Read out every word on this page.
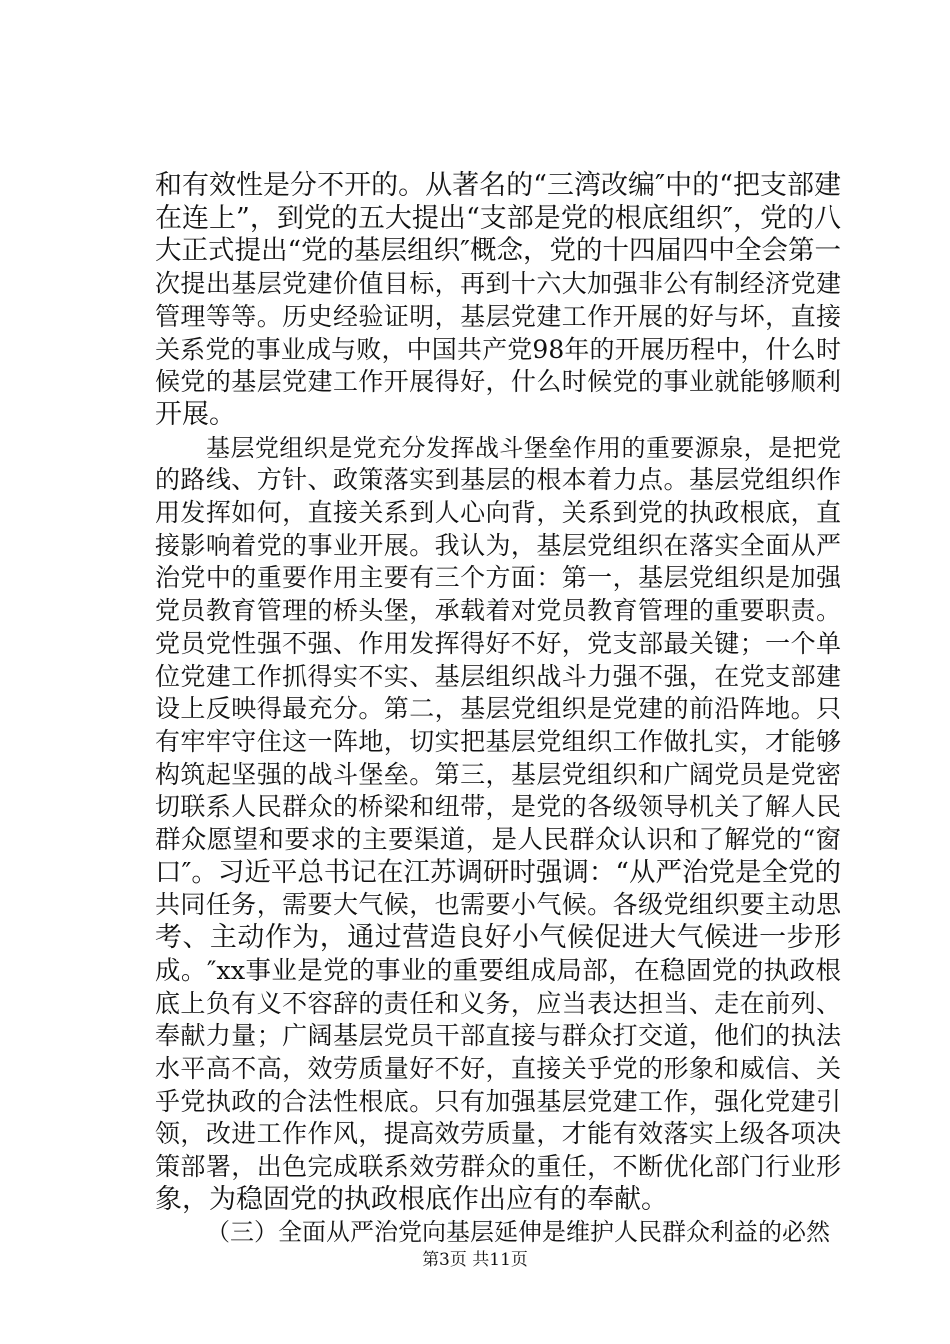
和有效性是分不开的。从著名的“三湾改编″中的“把支部建
在连上”，到党的五大提出“支部是党的根底组织″，党的八
大正式提出“党的基层组织″概念，党的十四届四中全会第一
次提出基层党建价值目标，再到十六大加强非公有制经济党建
管理等等。历史经验证明，基层党建工作开展的好与坏，直接
关系党的事业成与败，中国共产党98年的开展历程中，什么时
候党的基层党建工作开展得好，什么时候党的事业就能够顺利
开展。
基层党组织是党充分发挥战斗堡垒作用的重要源泉，是把党
的路线、方针、政策落实到基层的根本着力点。基层党组织作
用发挥如何，直接关系到人心向背，关系到党的执政根底，直
接影响着党的事业开展。我认为，基层党组织在落实全面从严
治党中的重要作用主要有三个方面：第一，基层党组织是加强
党员教育管理的桥头堡，承载着对党员教育管理的重要职责。
党员党性强不强、作用发挥得好不好，党支部最关键；一个单
位党建工作抓得实不实、基层组织战斗力强不强，在党支部建
设上反映得最充分。第二，基层党组织是党建的前沿阵地。只
有牢牢守住这一阵地，切实把基层党组织工作做扎实，才能够
构筑起坚强的战斗堡垒。第三，基层党组织和广阔党员是党密
切联系人民群众的桥梁和纽带，是党的各级领导机关了解人民
群众愿望和要求的主要渠道，是人民群众认识和了解党的“窗
口″。习近平总书记在江苏调研时强调：“从严治党是全党的
共同任务，需要大气候，也需要小气候。各级党组织要主动思
考、主动作为，通过营造良好小气候促进大气候进一步形
成。″xx事业是党的事业的重要组成局部，在稳固党的执政根
底上负有义不容辞的责任和义务，应当表达担当、走在前列、
奉献力量；广阔基层党员干部直接与群众打交道，他们的执法
水平高不高，效劳质量好不好，直接关乎党的形象和威信、关
乎党执政的合法性根底。只有加强基层党建工作，强化党建引
领，改进工作作风，提高效劳质量，才能有效落实上级各项决
策部署，出色完成联系效劳群众的重任，不断优化部门行业形
象，为稳固党的执政根底作出应有的奉献。
（三）全面从严治党向基层延伸是维护人民群众利益的必然
第3页 共11页
